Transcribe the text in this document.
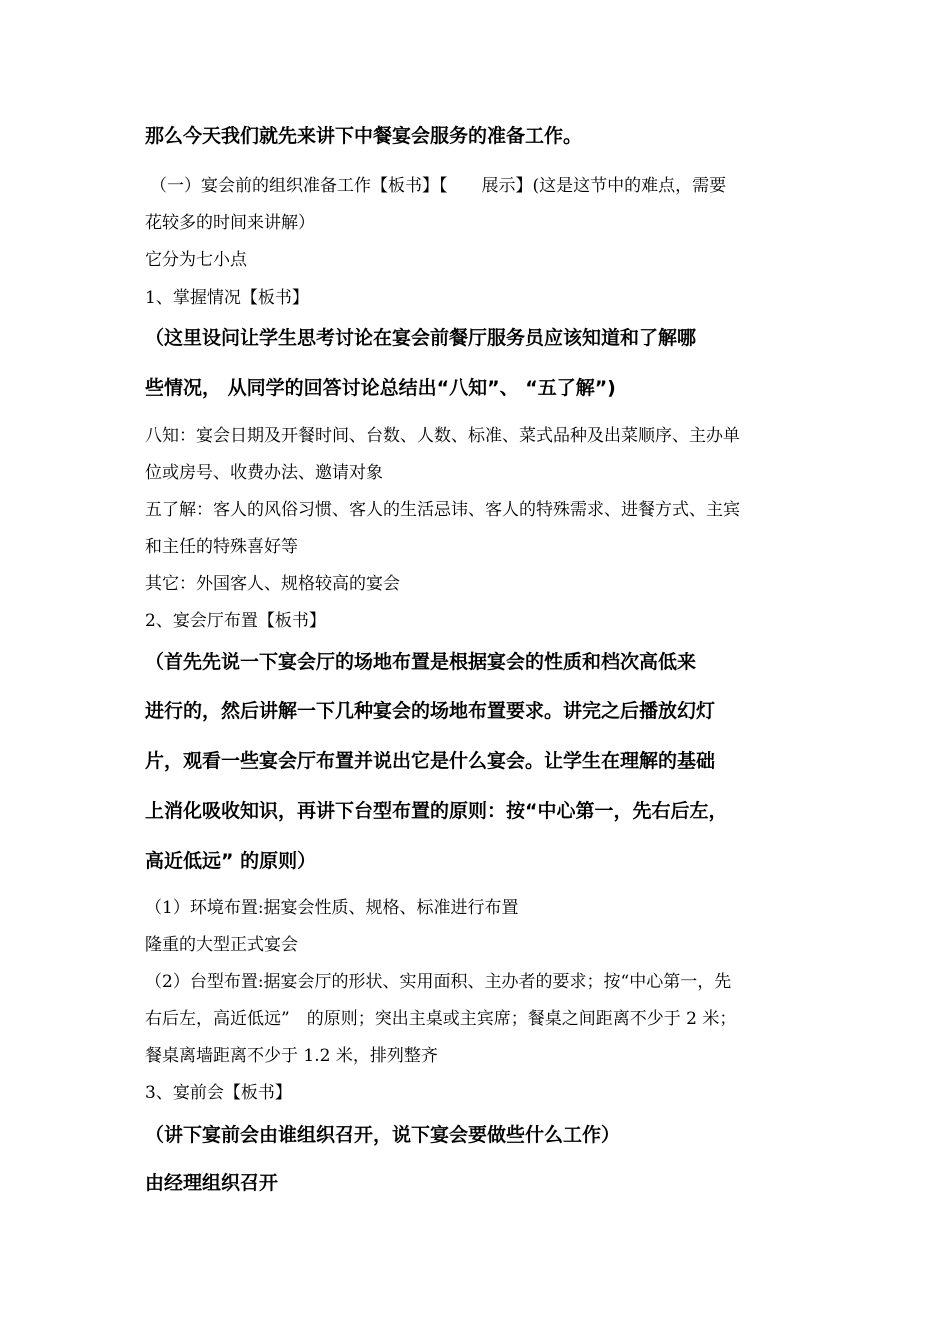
那么今天我们就先来讲下中餐宴会服务的准备工作。

（一）宴会前的组织准备工作【板书】【　　展示】(这是这节中的难点，需要

花较多的时间来讲解）

它分为七小点

1、掌握情况【板书】

（这里设问让学生思考讨论在宴会前餐厅服务员应该知道和了解哪

些情况， 从同学的回答讨论总结出“八知”、 “五了解”)

八知：宴会日期及开餐时间、台数、人数、标准、菜式品种及出菜顺序、主办单

位或房号、收费办法、邀请对象

五了解：客人的风俗习惯、客人的生活忌讳、客人的特殊需求、进餐方式、主宾

和主任的特殊喜好等

其它：外国客人、规格较高的宴会

2、宴会厅布置【板书】

（首先先说一下宴会厅的场地布置是根据宴会的性质和档次高低来

进行的，然后讲解一下几种宴会的场地布置要求。讲完之后播放幻灯

片，观看一些宴会厅布置并说出它是什么宴会。让学生在理解的基础

上消化吸收知识，再讲下台型布置的原则：按“中心第一，先右后左，

高近低远” 的原则）

（1）环境布置:据宴会性质、规格、标准进行布置

隆重的大型正式宴会

（2）台型布置:据宴会厅的形状、实用面积、主办者的要求；按“中心第一，先

右后左，高近低远”　的原则；突出主桌或主宾席；餐桌之间距离不少于 2 米；

餐桌离墙距离不少于 1.2 米，排列整齐

3、宴前会【板书】

（讲下宴前会由谁组织召开，说下宴会要做些什么工作）

由经理组织召开
